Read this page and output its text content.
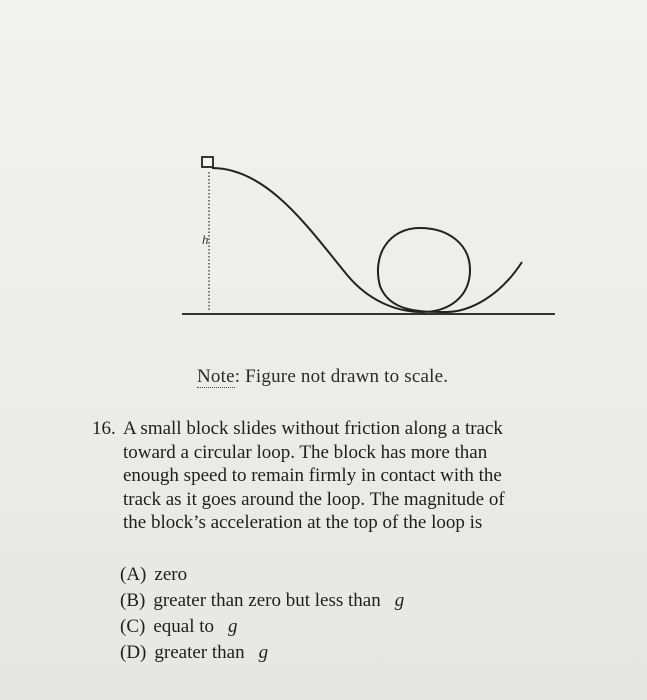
h
Note: Figure not drawn to scale.
16. A small block slides without friction along a track
toward a circular loop. The block has more than
enough speed to remain firmly in contact with the
track as it goes around the loop. The magnitude of
the block’s acceleration at the top of the loop is
(A) zero
(B) greater than zero but less than g
(C) equal to g
(D) greater than g
